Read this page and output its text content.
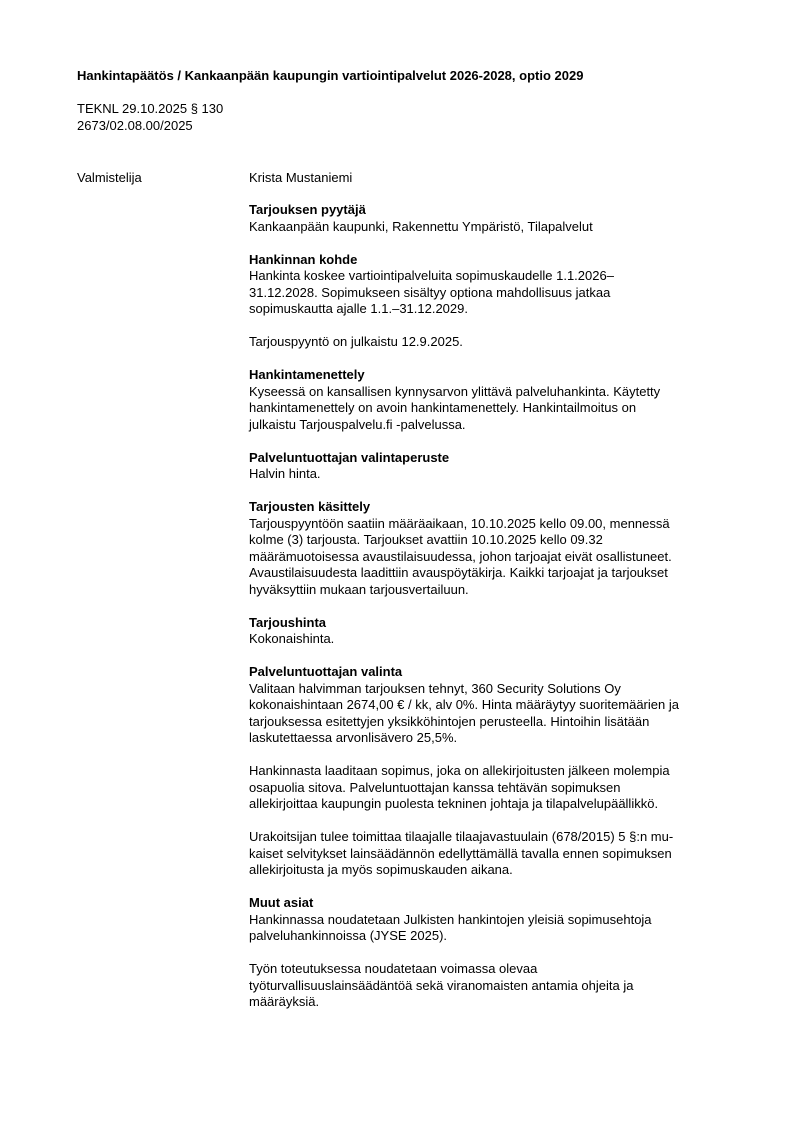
Hankintapäätös / Kankaanpään kaupungin vartiointipalvelut 2026-2028, optio 2029
TEKNL 29.10.2025 § 130
2673/02.08.00/2025
Valmistelija	Krista Mustaniemi
Tarjouksen pyytäjä
Kankaanpään kaupunki, Rakennettu Ympäristö, Tilapalvelut
Hankinnan kohde
Hankinta koskee vartiointipalveluita sopimuskaudelle 1.1.2026–
31.12.2028. Sopimukseen sisältyy optiona mahdollisuus jatkaa
sopimuskautta ajalle 1.1.–31.12.2029.
Tarjouspyyntö on julkaistu 12.9.2025.
Hankintamenettely
Kyseessä on kansallisen kynnysarvon ylittävä palveluhankinta. Käytetty
hankintamenettely on avoin hankintamenettely. Hankintailmoitus on
julkaistu Tarjouspalvelu.fi -palvelussa.
Palveluntuottajan valintaperuste
Halvin hinta.
Tarjousten käsittely
Tarjouspyyntöön saatiin määräaikaan, 10.10.2025 kello 09.00, mennessä
kolme (3) tarjousta. Tarjoukset avattiin 10.10.2025 kello 09.32
määrämuotoisessa avaustilaisuudessa, johon tarjoajat eivät osallistuneet.
Avaustilaisuudesta laadittiin avauspöytäkirja. Kaikki tarjoajat ja tarjoukset
hyväksyttiin mukaan tarjousvertailuun.
Tarjoushinta
Kokonaishinta.
Palveluntuottajan valinta
Valitaan halvimman tarjouksen tehnyt, 360 Security Solutions Oy
kokonaishintaan 2674,00 € / kk, alv 0%. Hinta määräytyy suoritemäärien ja
tarjouksessa esitettyjen yksikköhintojen perusteella. Hintoihin lisätään
laskutettaessa arvonlisävero 25,5%.
Hankinnasta laaditaan sopimus, joka on allekirjoitusten jälkeen molempia
osapuolia sitova. Palveluntuottajan kanssa tehtävän sopimuksen
allekirjoittaa kaupungin puolesta tekninen johtaja ja tilapalvelupäällikkö.
Urakoitsijan tulee toimittaa tilaajalle tilaajavastuulain (678/2015) 5 §:n mu-
kaiset selvitykset lainsäädännön edellyttämällä tavalla ennen sopimuksen
allekirjoitusta ja myös sopimuskauden aikana.
Muut asiat
Hankinnassa noudatetaan Julkisten hankintojen yleisiä sopimusehtoja
palveluhankinnoissa (JYSE 2025).
Työn toteutuksessa noudatetaan voimassa olevaa
työturvallisuuslainsäädäntöä sekä viranomaisten antamia ohjeita ja
määräyksiä.
